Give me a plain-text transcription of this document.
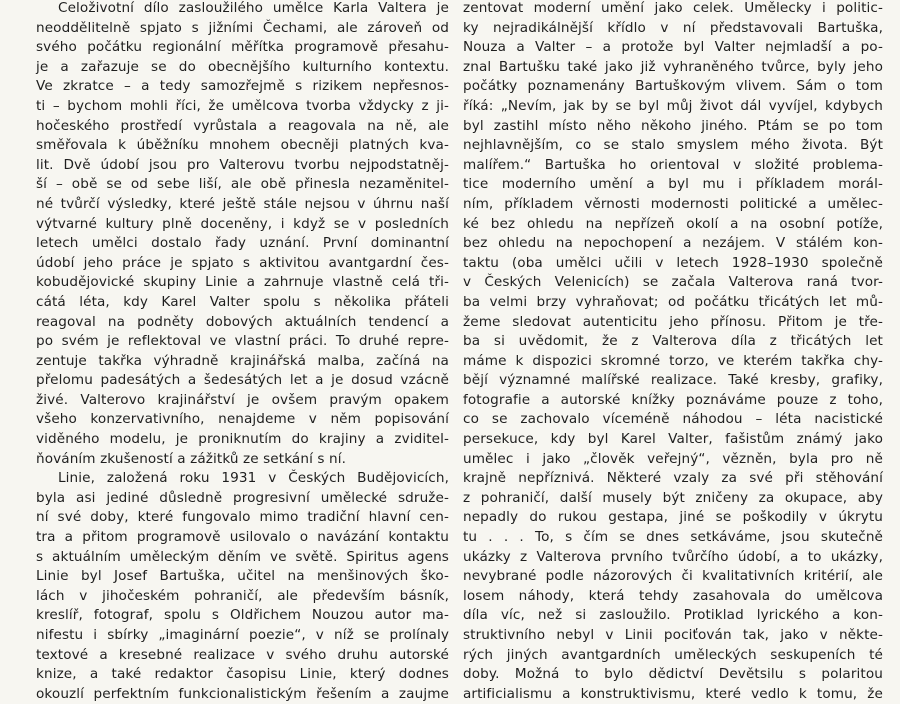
Celoživotní dílo zasloužilého umělce Karla Valtera je
neoddělitelně spjato s jižními Čechami, ale zároveň od
svého počátku regionální měřítka programově přesahu-
je a zařazuje se do obecnějšího kulturního kontextu.
Ve zkratce – a tedy samozřejmě s rizikem nepřesnos-
ti – bychom mohli říci, že umělcova tvorba vždycky z ji-
hočeského prostředí vyrůstala a reagovala na ně, ale
směřovala k úběžníku mnohem obecněji platných kva-
lit. Dvě údobí jsou pro Valterovu tvorbu nejpodstatněj-
ší – obě se od sebe liší, ale obě přinesla nezaměnitel-
né tvůrčí výsledky, které ještě stále nejsou v úhrnu naší
výtvarné kultury plně doceněny, i když se v posledních
letech umělci dostalo řady uznání. První dominantní
údobí jeho práce je spjato s aktivitou avantgardní čes-
kobudějovické skupiny Linie a zahrnuje vlastně celá tři-
cátá léta, kdy Karel Valter spolu s několika přáteli
reagoval na podněty dobových aktuálních tendencí a
po svém je reflektoval ve vlastní práci. To druhé repre-
zentuje takřka výhradně krajinářská malba, začíná na
přelomu padesátých a šedesátých let a je dosud vzácně
živé. Valterovo krajinářství je ovšem pravým opakem
všeho konzervativního, nenajdeme v něm popisování
viděného modelu, je proniknutím do krajiny a zviditel-
ňováním zkušeností a zážitků ze setkání s ní.
Linie, založená roku 1931 v Českých Budějovicích,
byla asi jediné důsledně progresivní umělecké sdruže-
ní své doby, které fungovalo mimo tradiční hlavní cen-
tra a přitom programově usilovalo o navázání kontaktu
s aktuálním uměleckým děním ve světě. Spiritus agens
Linie byl Josef Bartuška, učitel na menšinových ško-
lách v jihočeském pohraničí, ale především básník,
kreslíř, fotograf, spolu s Oldřichem Nouzou autor ma-
nifestu i sbírky „imaginární poezie“, v níž se prolínaly
textové a kresebné realizace v svého druhu autorské
knize, a také redaktor časopisu Linie, který dodnes
okouzlí perfektním funkcionalistickým řešením a zaujme
zentovat moderní umění jako celek. Umělecky i politic-
ky nejradikálnější křídlo v ní představovali Bartuška,
Nouza a Valter – a protože byl Valter nejmladší a po-
znal Bartušku také jako již vyhraněného tvůrce, byly jeho
počátky poznamenány Bartuškovým vlivem. Sám o tom
říká: „Nevím, jak by se byl můj život dál vyvíjel, kdybych
byl zastihl místo něho někoho jiného. Ptám se po tom
nejhlavnějším, co se stalo smyslem mého života. Být
malířem.“ Bartuška ho orientoval v složité problema-
tice moderního umění a byl mu i příkladem morál-
ním, příkladem věrnosti modernosti politické a umělec-
ké bez ohledu na nepřízeň okolí a na osobní potíže,
bez ohledu na nepochopení a nezájem. V stálém kon-
taktu (oba umělci učili v letech 1928–1930 společně
v Českých Velenicích) se začala Valterova raná tvor-
ba velmi brzy vyhraňovat; od počátku třicátých let mů-
žeme sledovat autenticitu jeho přínosu. Přitom je tře-
ba si uvědomit, že z Valterova díla z třicátých let
máme k dispozici skromné torzo, ve kterém takřka chy-
bějí významné malířské realizace. Také kresby, grafiky,
fotografie a autorské knížky poznáváme pouze z toho,
co se zachovalo víceméně náhodou – léta nacistické
persekuce, kdy byl Karel Valter, fašistům známý jako
umělec i jako „člověk veřejný“, vězněn, byla pro ně
krajně nepříznivá. Některé vzaly za své při stěhování
z pohraničí, další musely být zničeny za okupace, aby
nepadly do rukou gestapa, jiné se poškodily v úkrytu
tu . . . To, s čím se dnes setkáváme, jsou skutečně
ukázky z Valterova prvního tvůrčího údobí, a to ukázky,
nevybrané podle názorových či kvalitativních kritérií, ale
losem náhody, která tehdy zasahovala do umělcova
díla víc, než si zasloužilo. Protiklad lyrického a kon-
struktivního nebyl v Linii pociťován tak, jako v někte-
rých jiných avantgardních uměleckých seskupeních té
doby. Možná to bylo dědictví Devětsilu s polaritou
artificialismu a konstruktivismu, které vedlo k tomu, že
